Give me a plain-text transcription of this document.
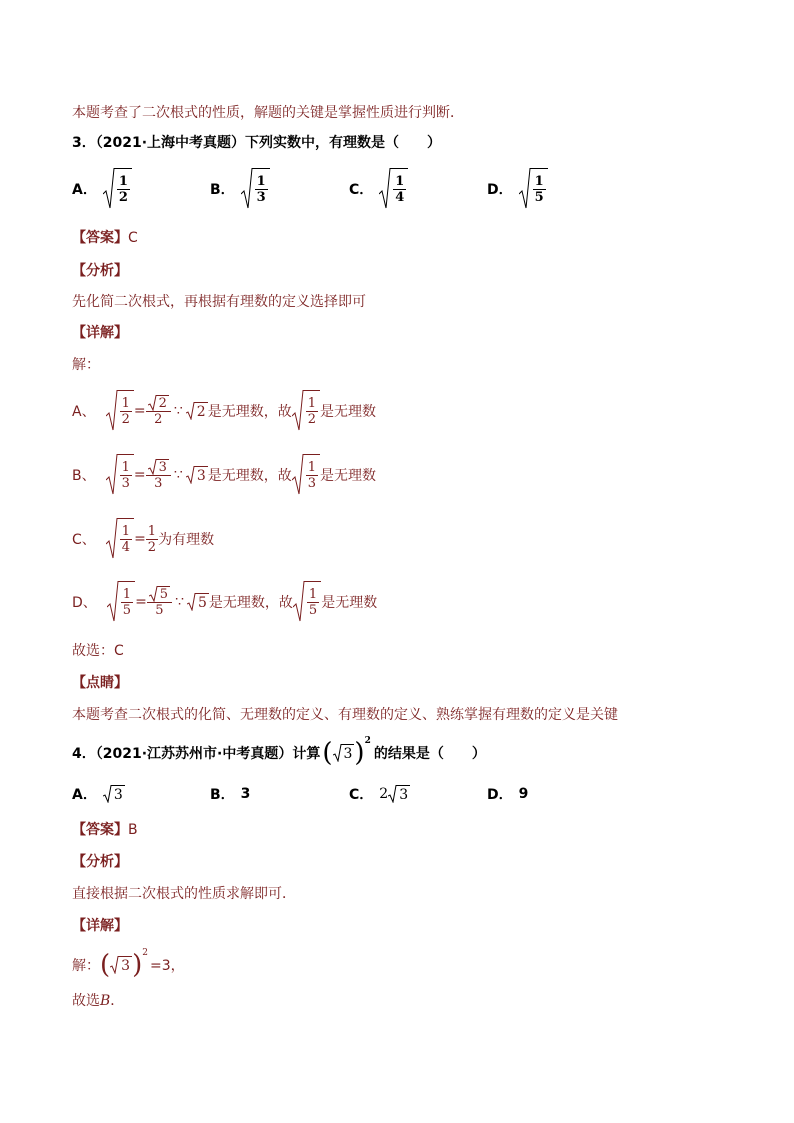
本题考查了二次根式的性质，解题的关键是掌握性质进行判断．
3．（2021·上海中考真题）下列实数中，有理数是（　　）
A． $\frac{1}{2}$	B． $\frac{1}{3}$	C． $\frac{1}{4}$	D． $\frac{1}{5}$
【答案】C
【分析】
先化简二次根式，再根据有理数的定义选择即可
【详解】
解：
A、 $\frac{1}{2} = \frac{2}{2}$ ∵ 2 是无理数，故 $\frac{1}{2}$ 是无理数
B、 $\frac{1}{3} = \frac{3}{3}$ ∵ 3 是无理数，故 $\frac{1}{3}$ 是无理数
C、 $\frac{1}{4} = \frac{1}{2}$ 为有理数
D、 $\frac{1}{5} = \frac{5}{5}$ ∵ 5 是无理数，故 $\frac{1}{5}$ 是无理数
故选：C
【点睛】
本题考查二次根式的化简、无理数的定义、有理数的定义、熟练掌握有理数的定义是关键
4．（2021·江苏苏州市·中考真题）计算 ( 3 ) 2
的结果是（　　）
A． 3	B． 3	C． 2 3	D． 9
【答案】B
【分析】
直接根据二次根式的性质求解即可．
【详解】
解： ( 3 ) 2
=3，
故选B．
